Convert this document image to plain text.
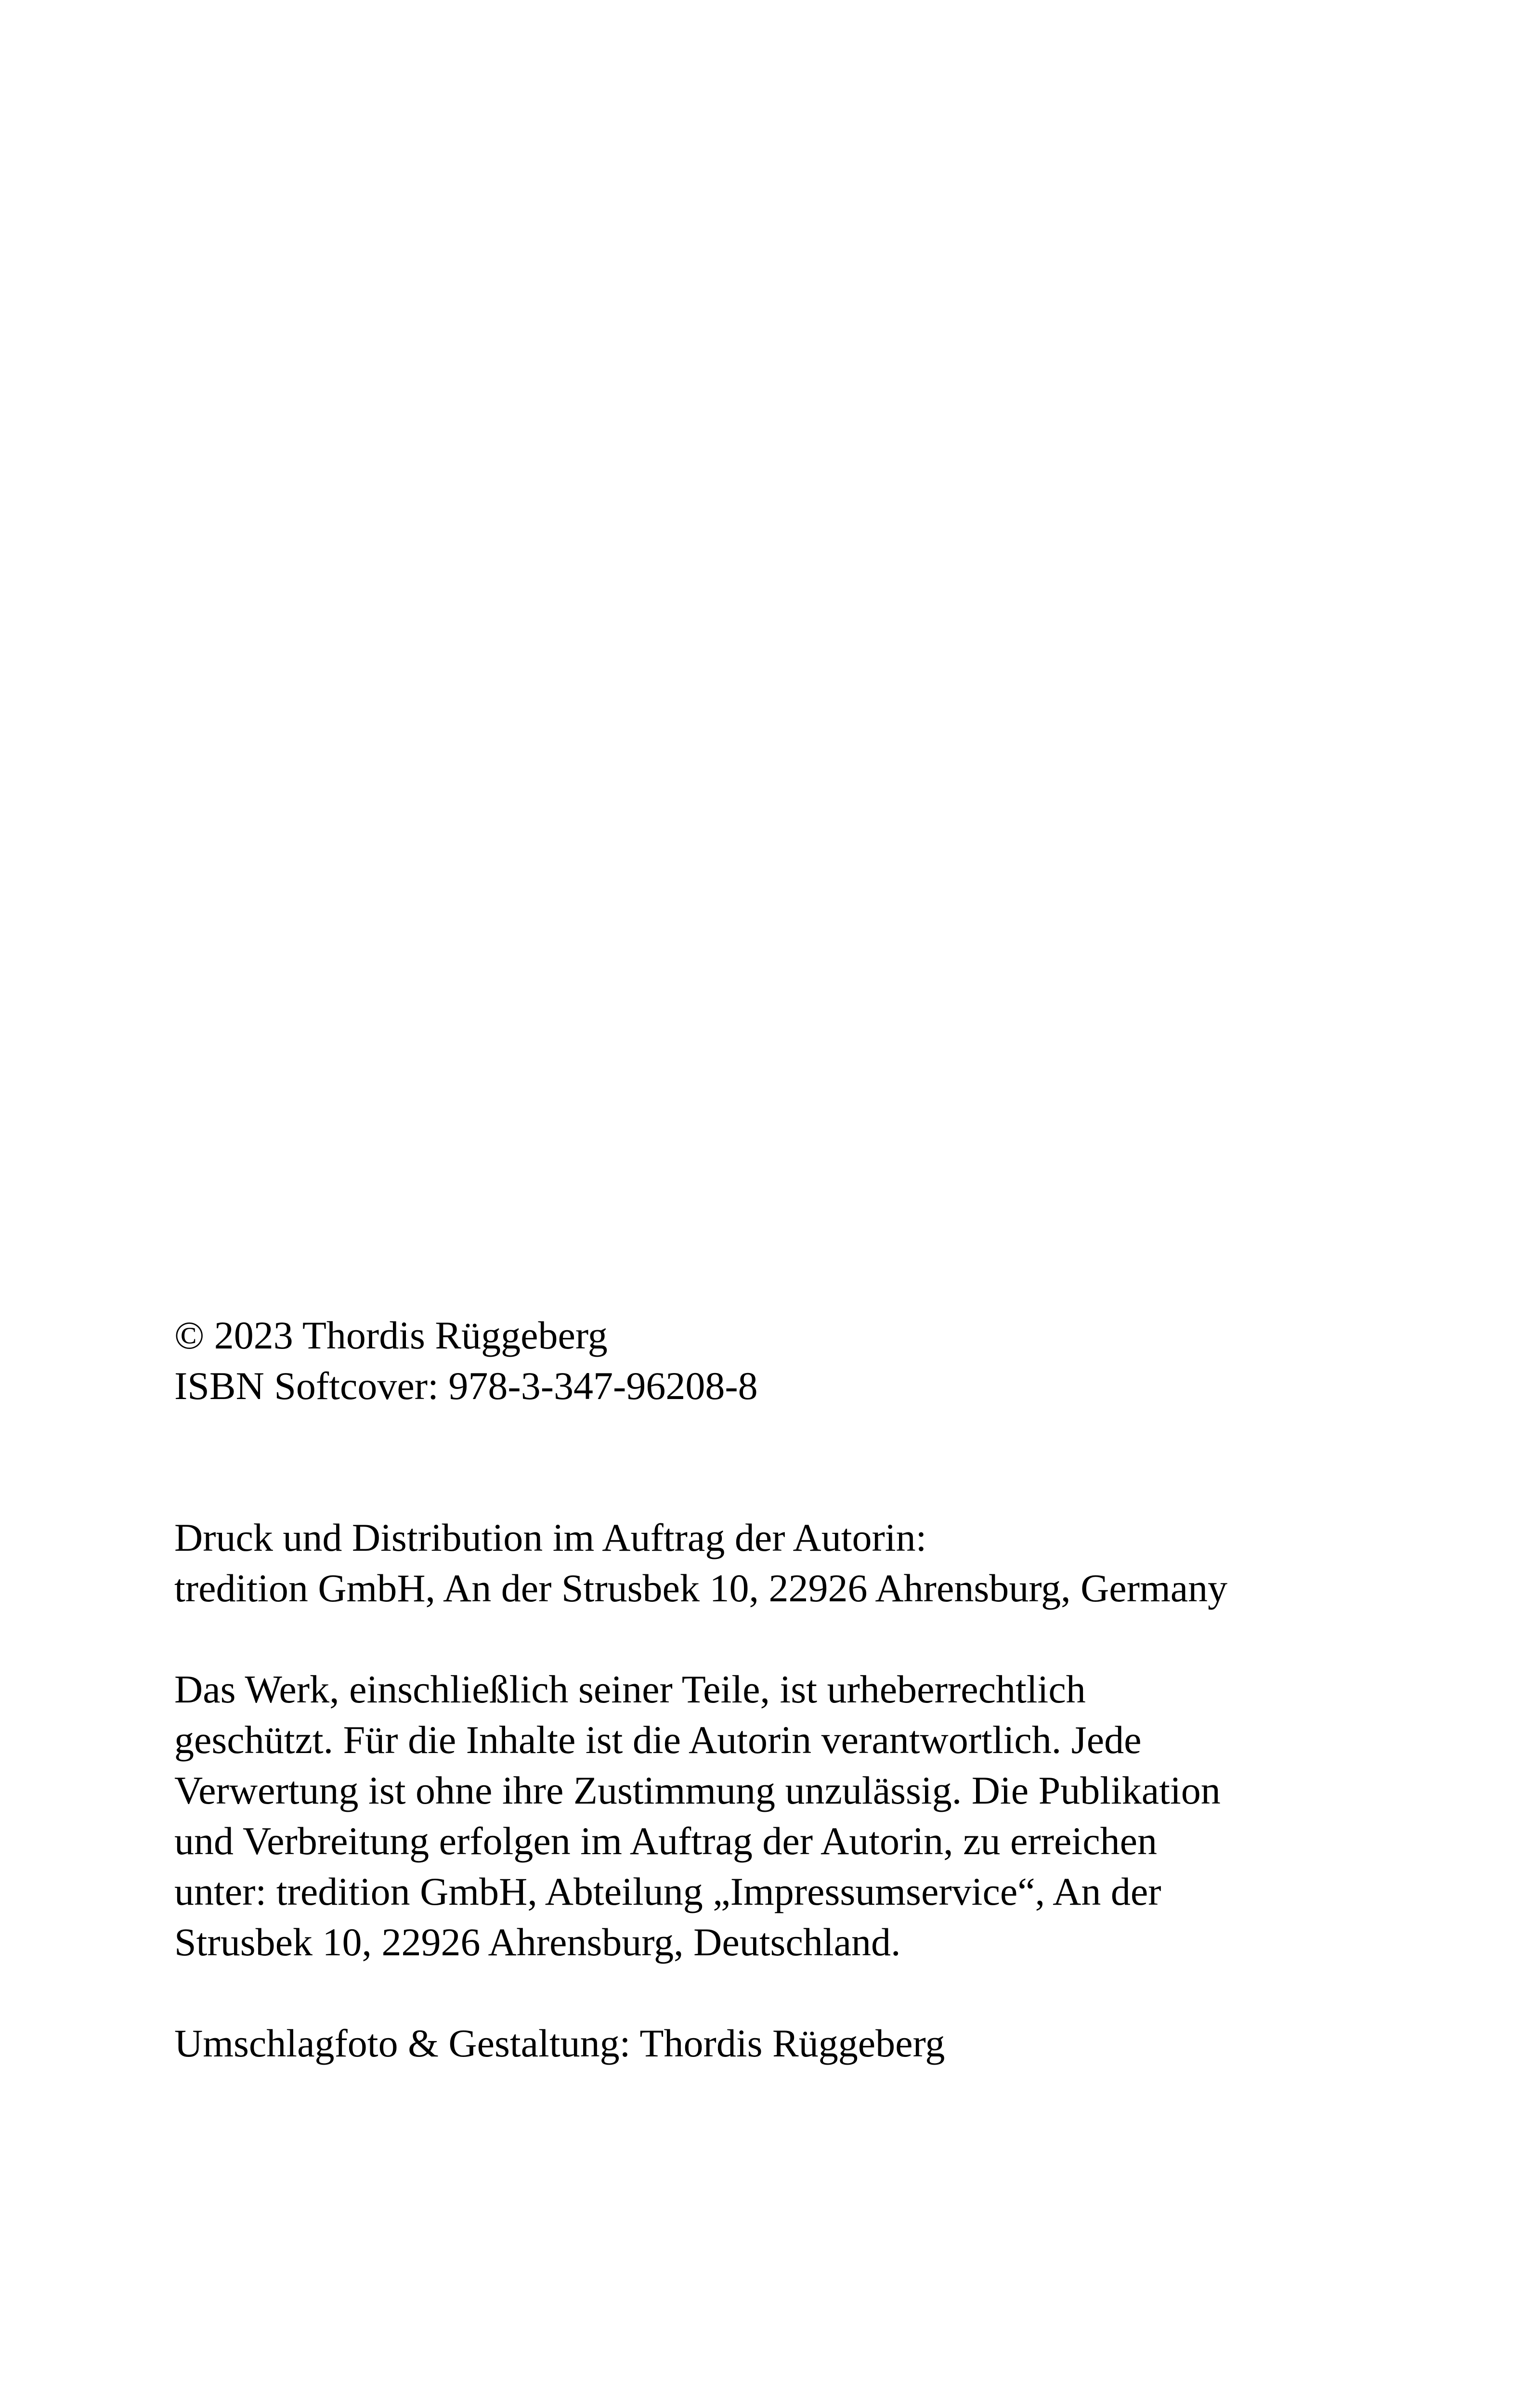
© 2023 Thordis Rüggeberg
ISBN Softcover: 978-3-347-96208-8
Druck und Distribution im Auftrag der Autorin:
tredition GmbH, An der Strusbek 10, 22926 Ahrensburg, Germany
Das Werk, einschließlich seiner Teile, ist urheberrechtlich
geschützt. Für die Inhalte ist die Autorin verantwortlich. Jede
Verwertung ist ohne ihre Zustimmung unzulässig. Die Publikation
und Verbreitung erfolgen im Auftrag der Autorin, zu erreichen
unter: tredition GmbH, Abteilung „Impressumservice“, An der
Strusbek 10, 22926 Ahrensburg, Deutschland.
Umschlagfoto & Gestaltung: Thordis Rüggeberg
